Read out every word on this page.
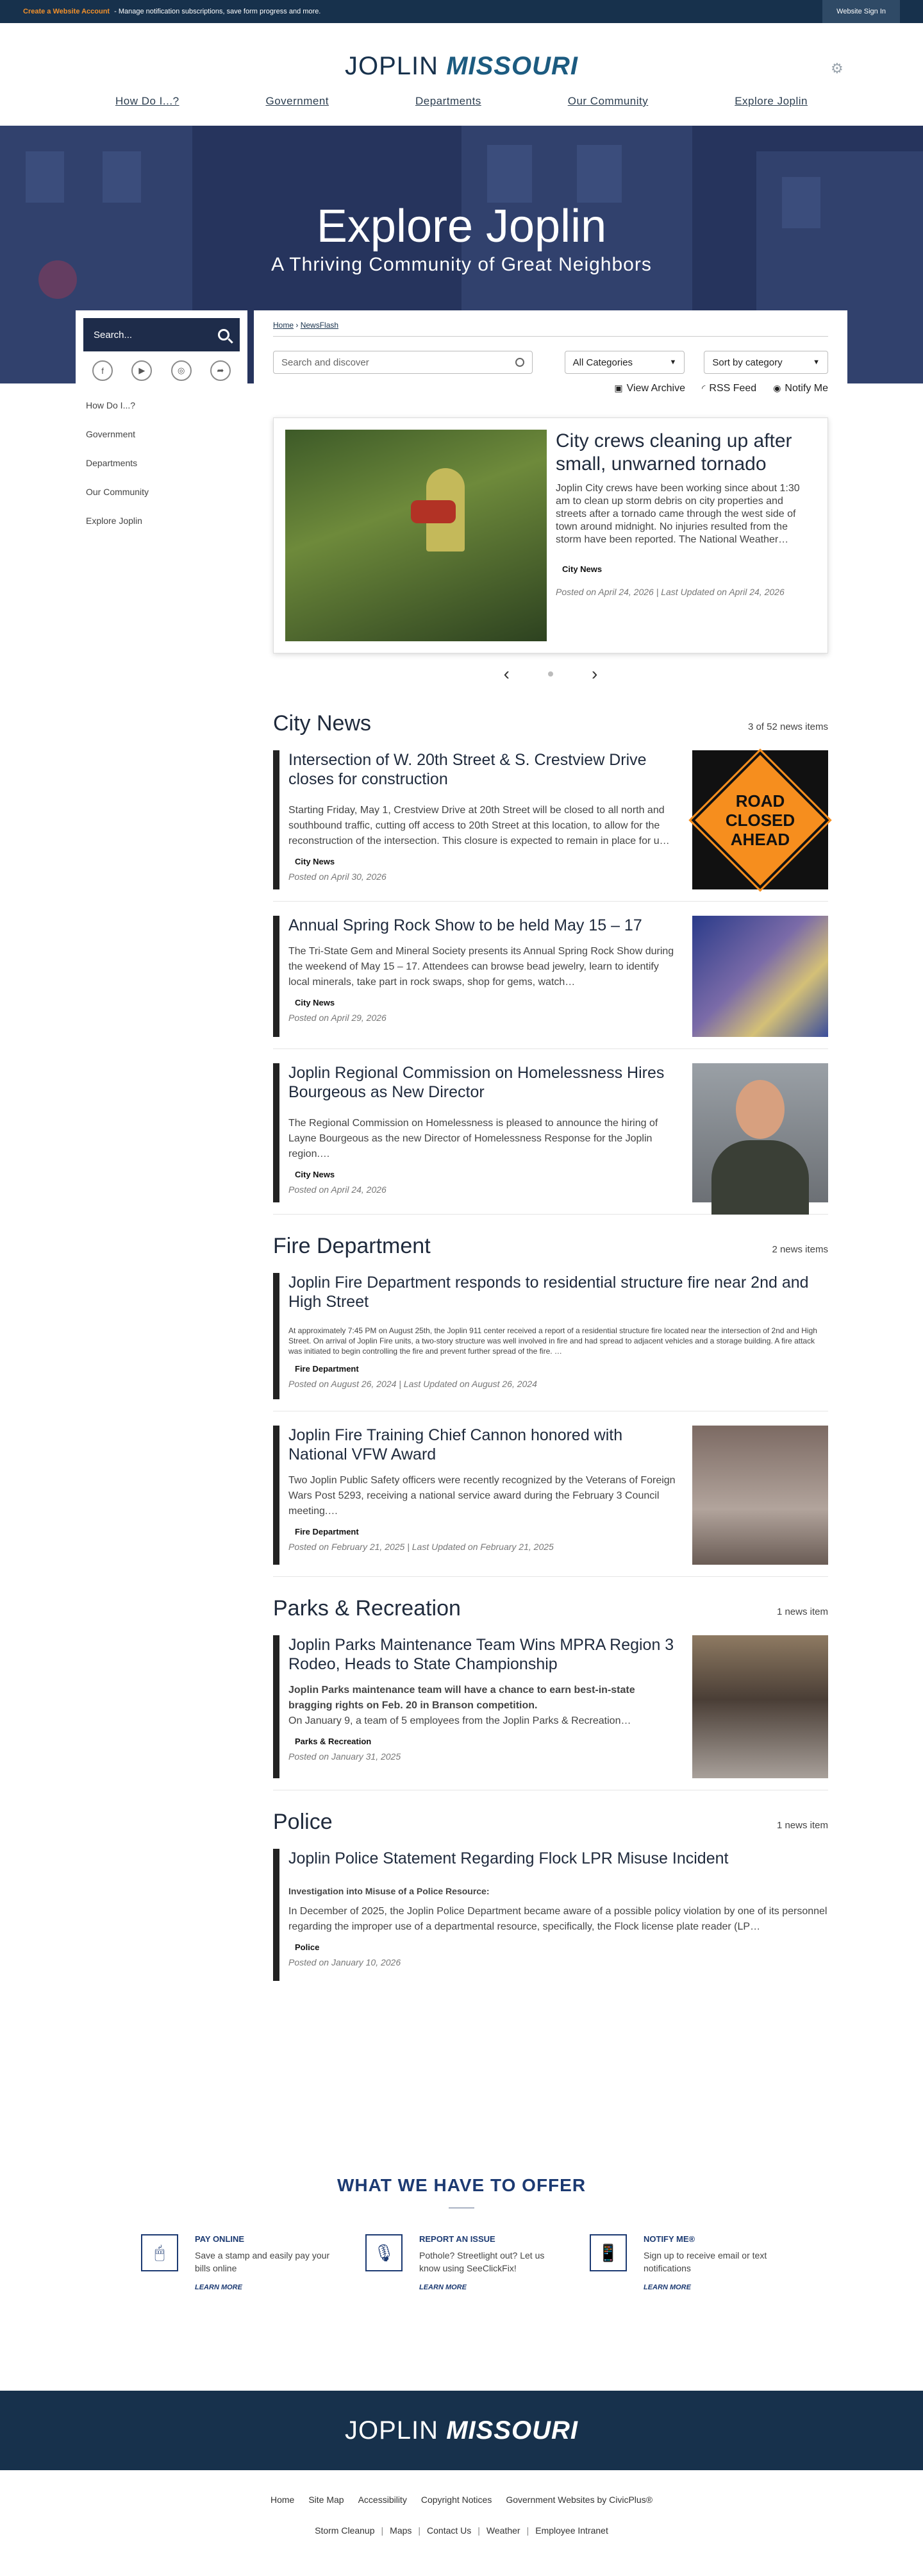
Create a Website Account - Manage notification subscriptions, save form progress and more.	Website Sign In
JOPLIN MISSOURI	⚙
How Do I...?	Government	Departments	Our Community	Explore Joplin
Explore Joplin
A Thriving Community of Great Neighbors
Search...
f	▶	◎	➦
How Do I...?
Government
Departments
Our Community
Explore Joplin
Home › NewsFlash
Search and discover	All Categories	▼	Sort by category	▼
▣ View Archive ◜ RSS Feed ◉ Notify Me
City crews cleaning up after small, unwarned tornado

Joplin City crews have been working since about 1:30 am to clean up storm debris on city properties and streets after a tornado came through the west side of town around midnight. No injuries resulted from the storm have been reported. The National Weather…

City News
Posted on April 24, 2026 | Last Updated on April 24, 2026
‹	›
City News	3 of 52 news items
Intersection of W. 20th Street & S. Crestview Drive closes for construction

Starting Friday, May 1, Crestview Drive at 20th Street will be closed to all north and southbound traffic, cutting off access to 20th Street at this location, to allow for the reconstruction of the intersection. This closure is expected to remain in place for u…

City News
Posted on April 30, 2026
ROAD CLOSED AHEAD
Annual Spring Rock Show to be held May 15 – 17

The Tri-State Gem and Mineral Society presents its Annual Spring Rock Show during the weekend of May 15 – 17. Attendees can browse bead jewelry, learn to identify local minerals, take part in rock swaps, shop for gems, watch…

City News
Posted on April 29, 2026
Joplin Regional Commission on Homelessness Hires Bourgeous as New Director

The Regional Commission on Homelessness is pleased to announce the hiring of Layne Bourgeous as the new Director of Homelessness Response for the Joplin region.…

City News
Posted on April 24, 2026
Fire Department	2 news items
Joplin Fire Department responds to residential structure fire near 2nd and High Street

At approximately 7:45 PM on August 25th, the Joplin 911 center received a report of a residential structure fire located near the intersection of 2nd and High Street. On arrival of Joplin Fire units, a two-story structure was well involved in fire and had spread to adjacent vehicles and a storage building. A fire attack was initiated to begin controlling the fire and prevent further spread of the fire. …

Fire Department
Posted on August 26, 2024 | Last Updated on August 26, 2024
Joplin Fire Training Chief Cannon honored with National VFW Award

Two Joplin Public Safety officers were recently recognized by the Veterans of Foreign Wars Post 5293, receiving a national service award during the February 3 Council meeting.…

Fire Department
Posted on February 21, 2025 | Last Updated on February 21, 2025
Parks & Recreation	1 news item
Joplin Parks Maintenance Team Wins MPRA Region 3 Rodeo, Heads to State Championship

Joplin Parks maintenance team will have a chance to earn best-in-state bragging rights on Feb. 20 in Branson competition.

On January 9, a team of 5 employees from the Joplin Parks & Recreation…

Parks & Recreation
Posted on January 31, 2025
Police	1 news item
Joplin Police Statement Regarding Flock LPR Misuse Incident

Investigation into Misuse of a Police Resource:

In December of 2025, the Joplin Police Department became aware of a possible policy violation by one of its personnel regarding the improper use of a departmental resource, specifically, the Flock license plate reader (LP…

Police
Posted on January 10, 2026
WHAT WE HAVE TO OFFER
🖱
PAY ONLINE

Save a stamp and easily pay your bills online

LEARN MORE
🎙
REPORT AN ISSUE

Pothole? Streetlight out? Let us know using SeeClickFix!

LEARN MORE
📱
NOTIFY ME®

Sign up to receive email or text notifications

LEARN MORE
JOPLIN
MISSOURI
Home Site Map Accessibility Copyright Notices Government Websites by CivicPlus®
Storm Cleanup | Maps | Contact Us | Weather | Employee Intranet
